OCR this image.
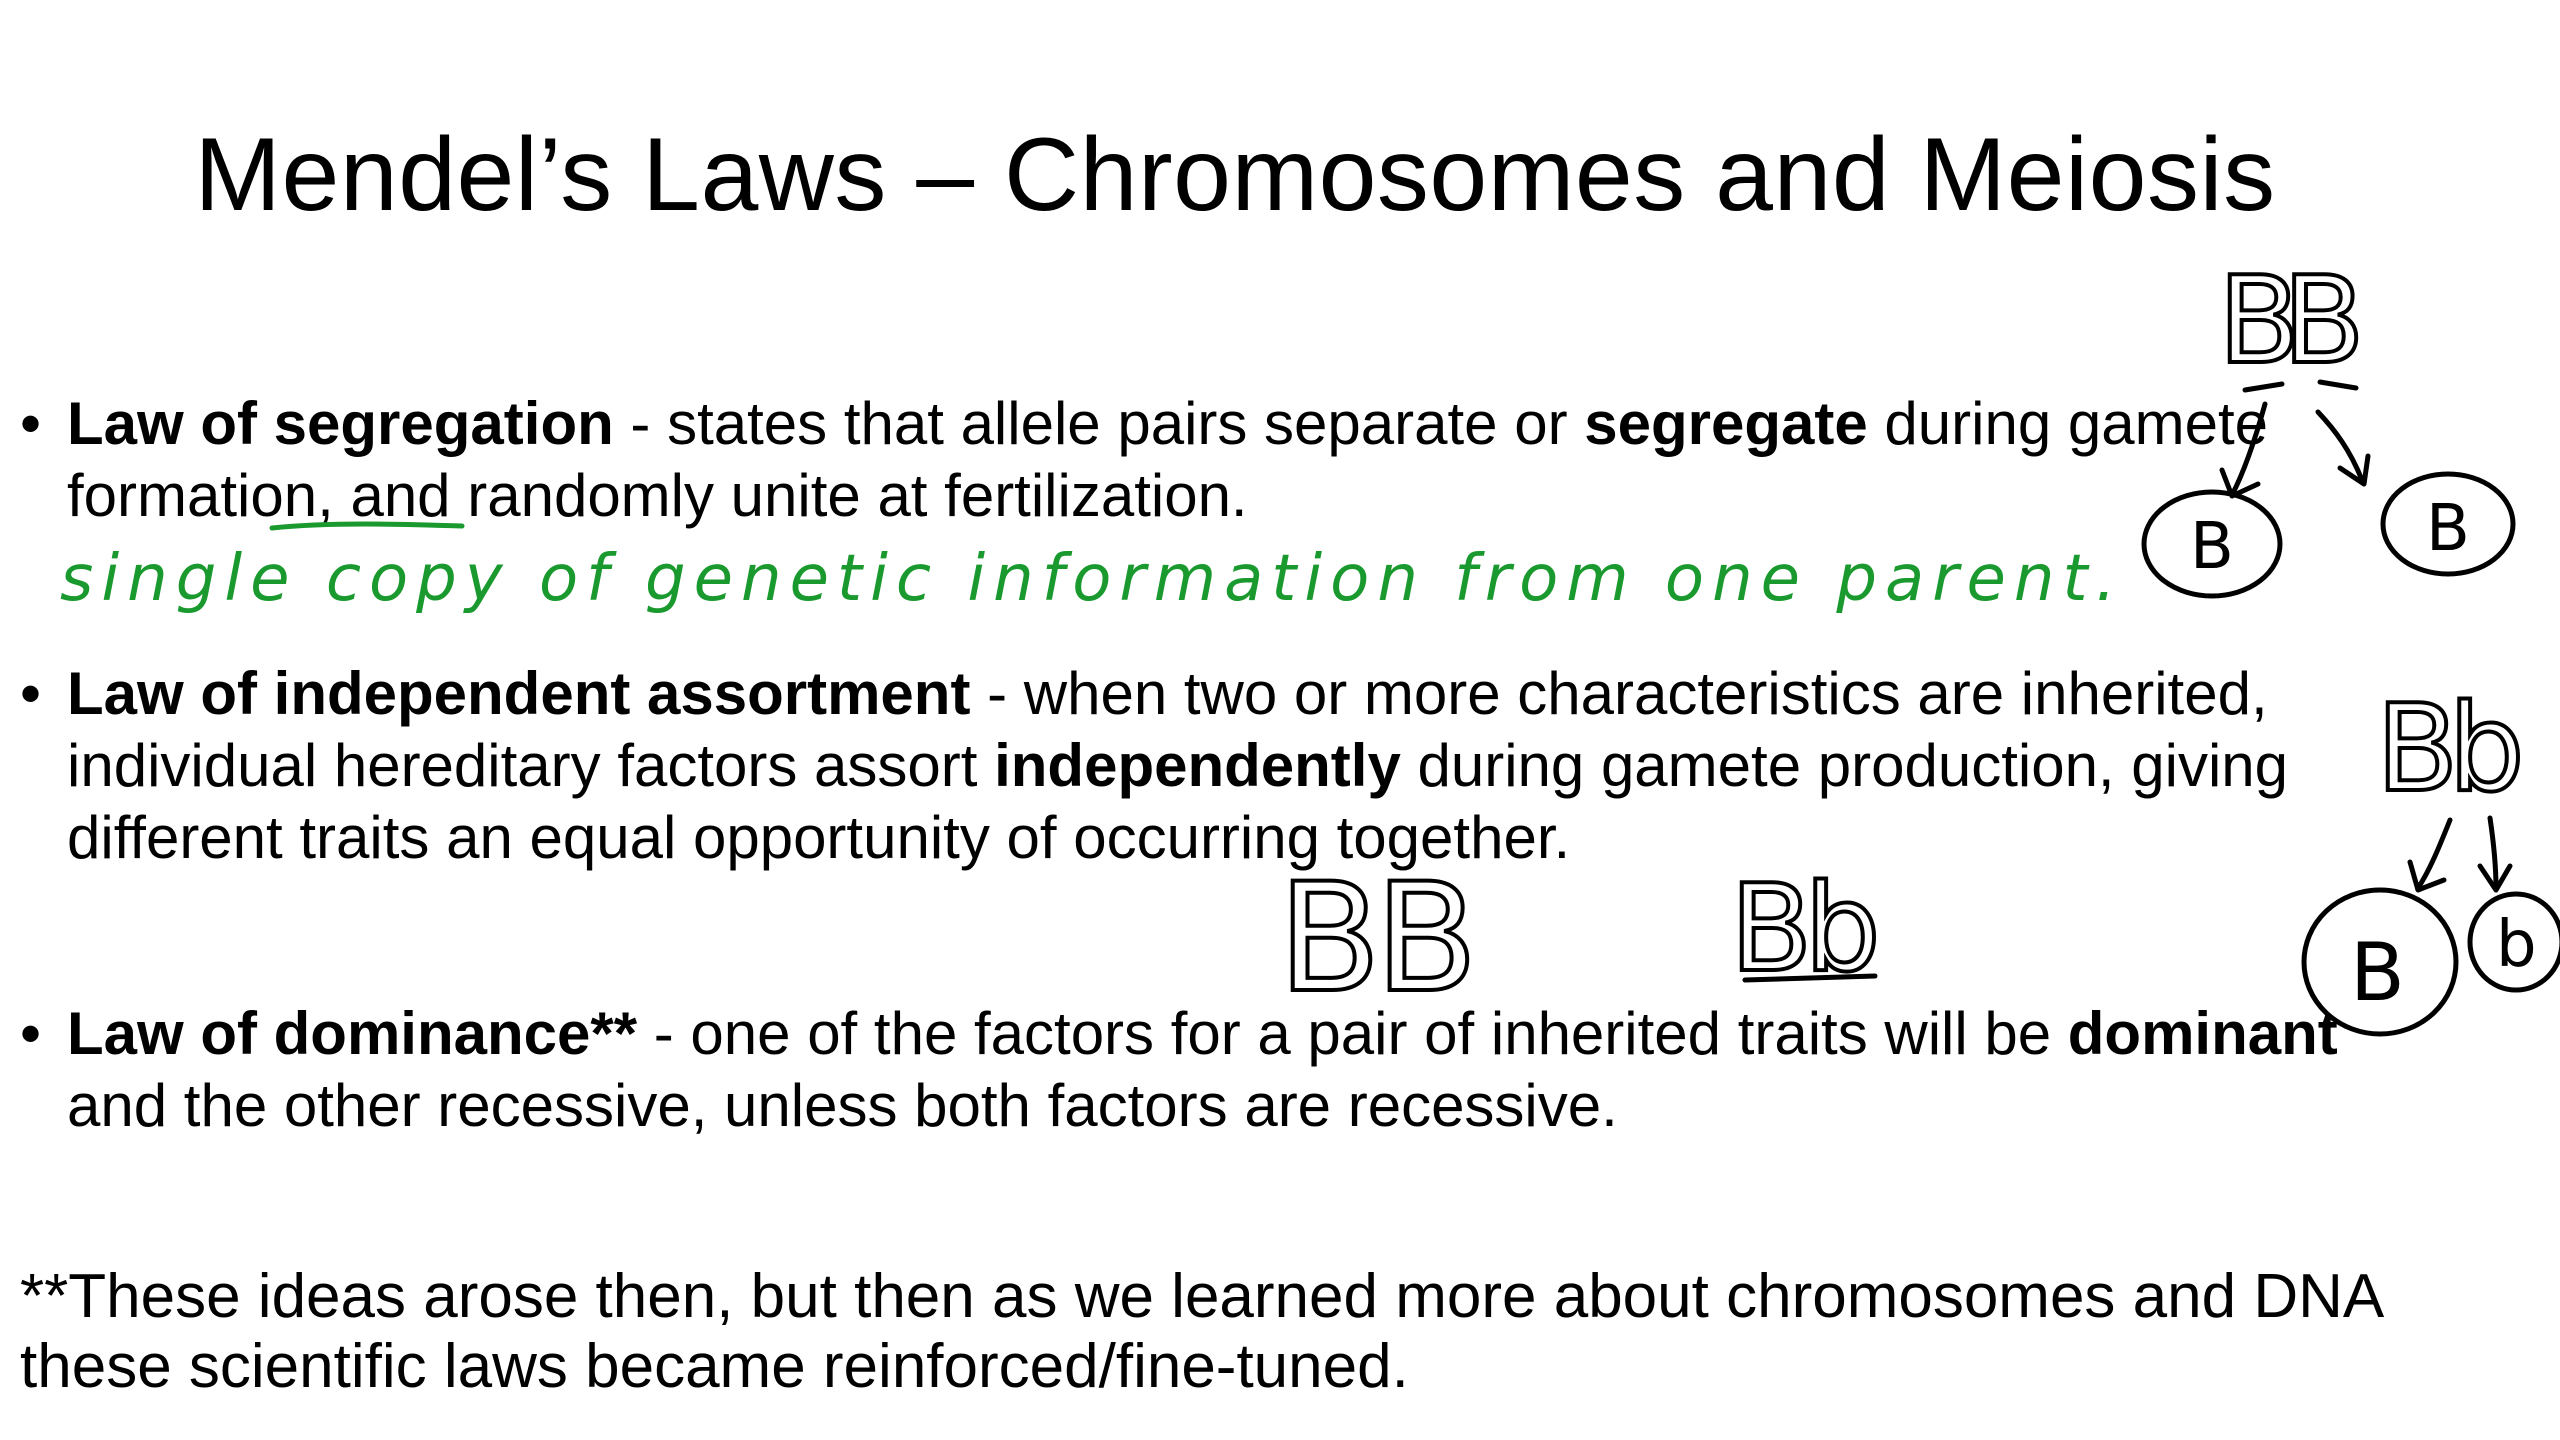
Mendel’s Laws – Chromosomes and Meiosis
• Law of segregation - states that allele pairs separate or segregate during gamete formation, and randomly unite at fertilization.
• Law of independent assortment - when two or more characteristics are inherited, individual hereditary factors assort independently during gamete production, giving different traits an equal opportunity of occurring together.
• Law of dominance** - one of the factors for a pair of inherited traits will be dominant and the other recessive, unless both factors are recessive.
**These ideas arose then, but then as we learned more about chromosomes and DNA these scientific laws became reinforced/fine-tuned.
single copy of genetic information from one parent.
BB
B	B
Bb
B b
BB Bb
